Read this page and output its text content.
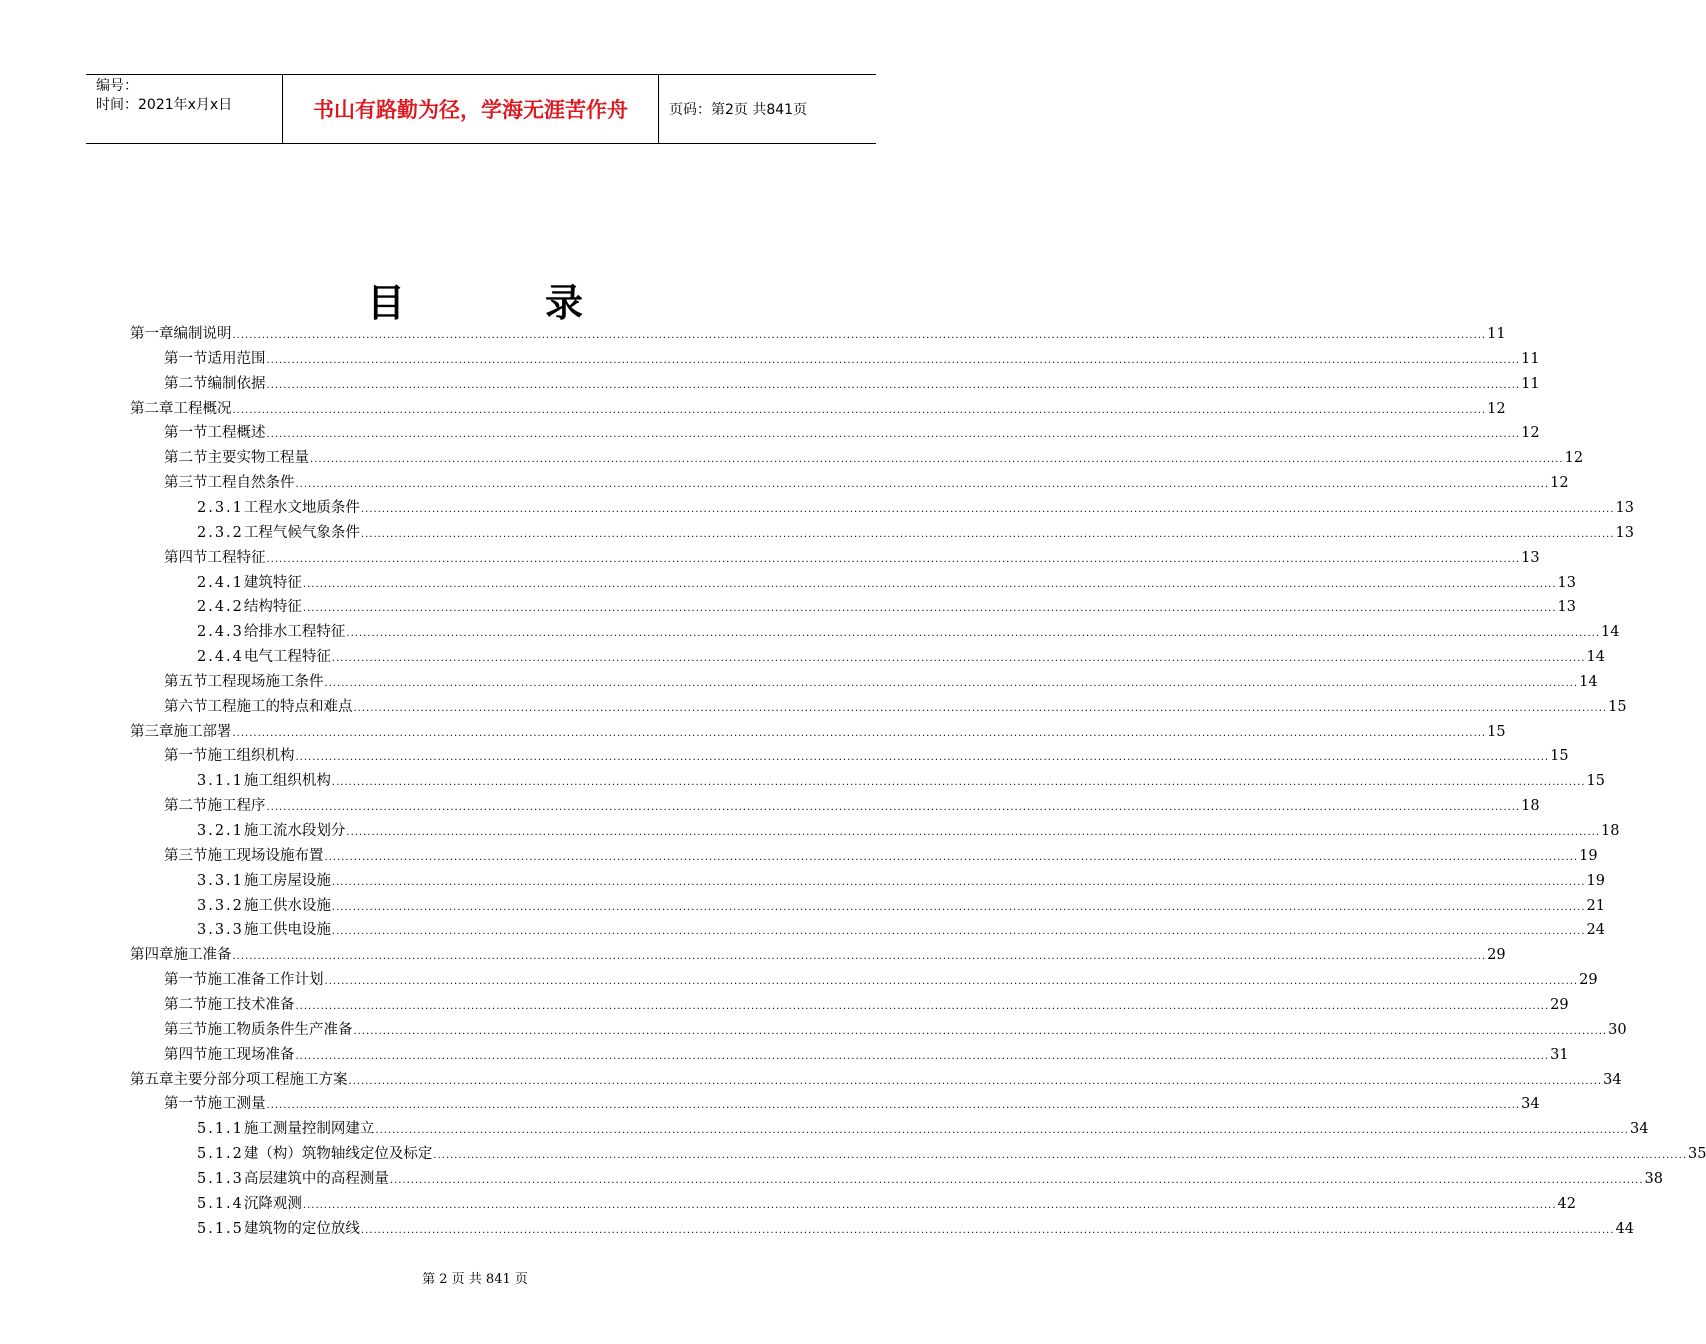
编号：
时间：2021年x月x日	书山有路勤为径，学海无涯苦作舟	页码：第2页 共841页
目录
第一章 编制说明 ............................................................................................................................................................................................................................................................................................................ 11
第一节 适用范围 ............................................................................................................................................................................................................................................................................................................ 11
第二节 编制依据 ............................................................................................................................................................................................................................................................................................................ 11
第二章 工程概况 ............................................................................................................................................................................................................................................................................................................ 12
第一节 工程概述 ............................................................................................................................................................................................................................................................................................................ 12
第二节 主要实物工程量 ............................................................................................................................................................................................................................................................................................................ 12
第三节 工程自然条件 ............................................................................................................................................................................................................................................................................................................ 12
2.3.1 工程水文地质条件 ............................................................................................................................................................................................................................................................................................................ 13
2.3.2 工程气候气象条件 ............................................................................................................................................................................................................................................................................................................ 13
第四节 工程特征 ............................................................................................................................................................................................................................................................................................................ 13
2.4.1 建筑特征 ............................................................................................................................................................................................................................................................................................................ 13
2.4.2 结构特征 ............................................................................................................................................................................................................................................................................................................ 13
2.4.3 给排水工程特征 ............................................................................................................................................................................................................................................................................................................ 14
2.4.4 电气工程特征 ............................................................................................................................................................................................................................................................................................................ 14
第五节 工程现场施工条件 ............................................................................................................................................................................................................................................................................................................ 14
第六节 工程施工的特点和难点 ............................................................................................................................................................................................................................................................................................................ 15
第三章 施工部署 ............................................................................................................................................................................................................................................................................................................ 15
第一节 施工组织机构 ............................................................................................................................................................................................................................................................................................................ 15
3.1.1 施工组织机构 ............................................................................................................................................................................................................................................................................................................ 15
第二节 施工程序 ............................................................................................................................................................................................................................................................................................................ 18
3.2.1 施工流水段划分 ............................................................................................................................................................................................................................................................................................................ 18
第三节 施工现场设施布置 ............................................................................................................................................................................................................................................................................................................ 19
3.3.1 施工房屋设施 ............................................................................................................................................................................................................................................................................................................ 19
3.3.2 施工供水设施 ............................................................................................................................................................................................................................................................................................................ 21
3.3.3 施工供电设施 ............................................................................................................................................................................................................................................................................................................ 24
第四章 施工准备 ............................................................................................................................................................................................................................................................................................................ 29
第一节 施工准备工作计划 ............................................................................................................................................................................................................................................................................................................ 29
第二节 施工技术准备 ............................................................................................................................................................................................................................................................................................................ 29
第三节 施工物质条件生产准备 ............................................................................................................................................................................................................................................................................................................ 30
第四节 施工现场准备 ............................................................................................................................................................................................................................................................................................................ 31
第五章 主要分部分项工程施工方案 ............................................................................................................................................................................................................................................................................................................ 34
第一节 施工测量 ............................................................................................................................................................................................................................................................................................................ 34
5.1.1 施工测量控制网建立 ............................................................................................................................................................................................................................................................................................................ 34
5.1.2 建（构）筑物轴线定位及标定 ............................................................................................................................................................................................................................................................................................................ 35
5.1.3 高层建筑中的高程测量 ............................................................................................................................................................................................................................................................................................................ 38
5.1.4 沉降观测 ............................................................................................................................................................................................................................................................................................................ 42
5.1.5 建筑物的定位放线 ............................................................................................................................................................................................................................................................................................................ 44
第 2 页 共 841 页
